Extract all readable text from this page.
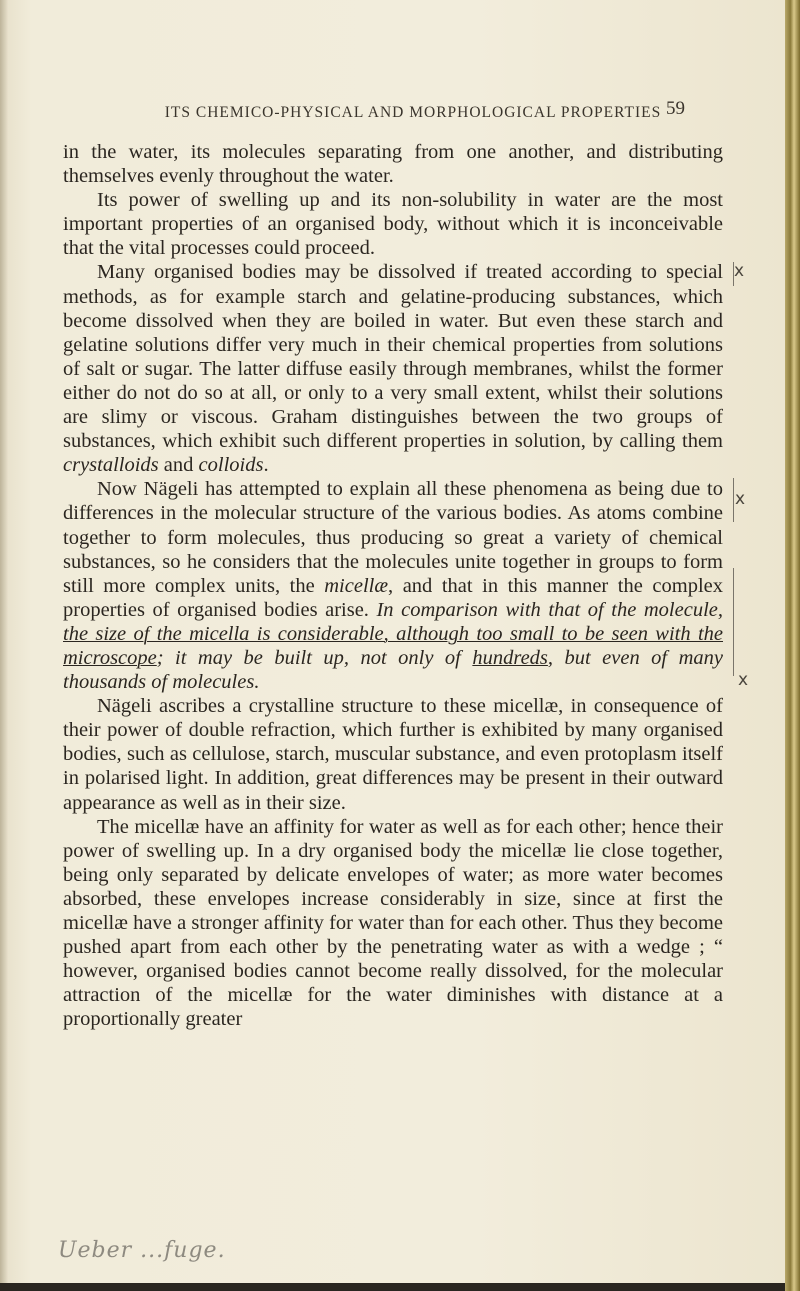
ITS CHEMICO-PHYSICAL AND MORPHOLOGICAL PROPERTIES 59

in the water, its molecules separating from one another, and distributing themselves evenly throughout the water.

Its power of swelling up and its non-solubility in water are the most important properties of an organised body, without which it is inconceivable that the vital processes could proceed.

Many organised bodies may be dissolved if treated according to special methods, as for example starch and gelatine-producing substances, which become dissolved when they are boiled in water. But even these starch and gelatine solutions differ very much in their chemical properties from solutions of salt or sugar. The latter diffuse easily through membranes, whilst the former either do not do so at all, or only to a very small extent, whilst their solutions are slimy or viscous. Graham distinguishes between the two groups of substances, which exhibit such different properties in solution, by calling them crystalloids and colloids.

Now Nägeli has attempted to explain all these phenomena as being due to differences in the molecular structure of the various bodies. As atoms combine together to form molecules, thus producing so great a variety of chemical substances, so he considers that the molecules unite together in groups to form still more complex units, the micellæ, and that in this manner the complex properties of organised bodies arise. In comparison with that of the molecule, the size of the micella is considerable, although too small to be seen with the microscope; it may be built up, not only of hundreds, but even of many thousands of molecules.

Nägeli ascribes a crystalline structure to these micellæ, in consequence of their power of double refraction, which further is exhibited by many organised bodies, such as cellulose, starch, muscular substance, and even protoplasm itself in polarised light. In addition, great differences may be present in their outward appearance as well as in their size.

The micellæ have an affinity for water as well as for each other; hence their power of swelling up. In a dry organised body the micellæ lie close together, being only separated by delicate envelopes of water; as more water becomes absorbed, these envelopes increase considerably in size, since at first the micellæ have a stronger affinity for water than for each other. Thus they become pushed apart from each other by the penetrating water as with a wedge ; “ however, organised bodies cannot become really dissolved, for the molecular attraction of the micellæ for the water diminishes with distance at a proportionally greater

x
x
x
Ueber ...fuge.
